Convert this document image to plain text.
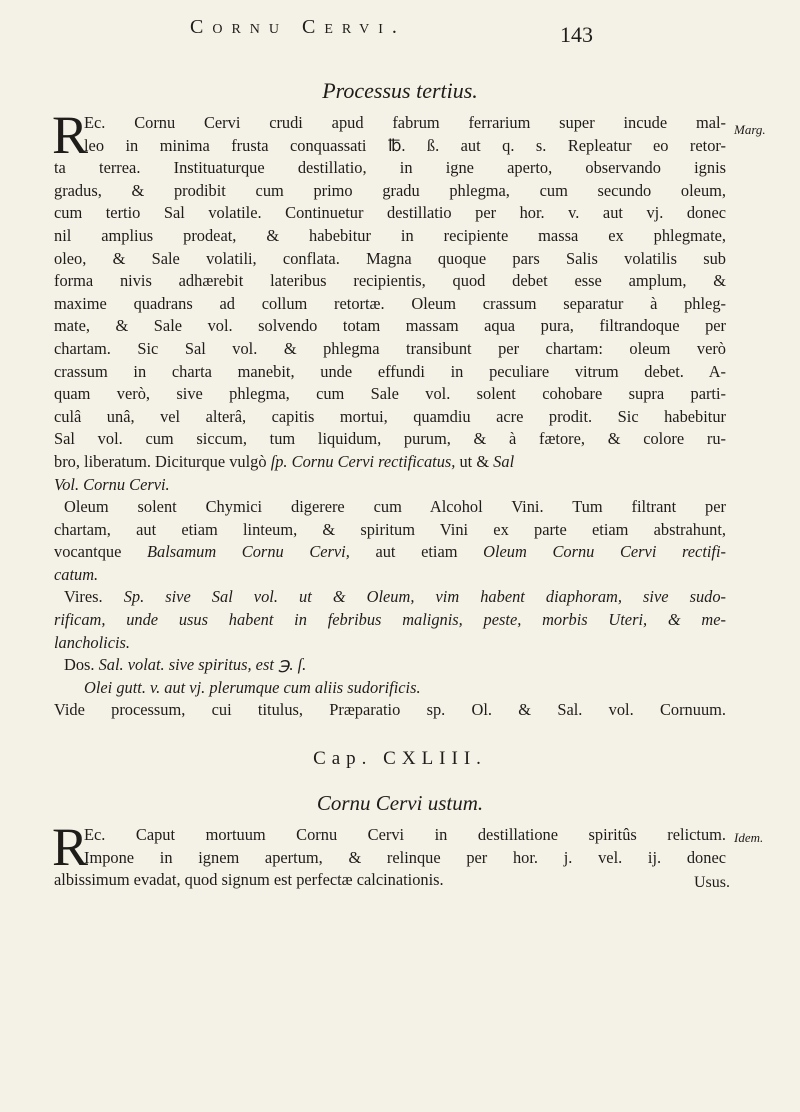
Cornu Cervi.	143
Processus tertius.
R	Marg.
Ec. Cornu Cervi crudi apud fabrum ferrarium super incude mal-
leo in minima frusta conquassati ℔. ß. aut q. s. Repleatur eo retor-
ta terrea. Instituaturque destillatio, in igne aperto, observando ignis
gradus, & prodibit cum primo gradu phlegma, cum secundo oleum,
cum tertio Sal volatile. Continuetur destillatio per hor. v. aut vj. donec
nil amplius prodeat, & habebitur in recipiente massa ex phlegmate,
oleo, & Sale volatili, conflata. Magna quoque pars Salis volatilis sub
forma nivis adhærebit lateribus recipientis, quod debet esse amplum, &
maxime quadrans ad collum retortæ. Oleum crassum separatur à phleg-
mate, & Sale vol. solvendo totam massam aqua pura, filtrandoque per
chartam. Sic Sal vol. & phlegma transibunt per chartam: oleum verò
crassum in charta manebit, unde effundi in peculiare vitrum debet. A-
quam verò, sive phlegma, cum Sale vol. solent cohobare supra parti-
culâ unâ, vel alterâ, capitis mortui, quamdiu acre prodit. Sic habebitur
Sal vol. cum siccum, tum liquidum, purum, & à fætore, & colore ru-
bro, liberatum. Diciturque vulgò ſp. Cornu Cervi rectificatus, ut & Sal
Vol. Cornu Cervi.
Oleum solent Chymici digerere cum Alcohol Vini. Tum filtrant per
chartam, aut etiam linteum, & spiritum Vini ex parte etiam abstrahunt,
vocantque Balsamum Cornu Cervi, aut etiam Oleum Cornu Cervi rectifi-
catum.
Vires. Sp. sive Sal vol. ut & Oleum, vim habent diaphoram, sive sudo-
rificam, unde usus habent in febribus malignis, peste, morbis Uteri, & me-
lancholicis.
Dos. Sal. volat. sive spiritus, est ℈. ſ.
Olei gutt. v. aut vj. plerumque cum aliis sudorificis.
Vide processum, cui titulus, Præparatio sp. Ol. & Sal. vol. Cornuum.
Cap. CXLIII.
Cornu Cervi ustum.
R	Idem.
Ec. Caput mortuum Cornu Cervi in destillatione spiritûs relictum.
Impone in ignem apertum, & relinque per hor. j. vel. ij. donec
albissimum evadat, quod signum est perfectæ calcinationis.	Usus.
